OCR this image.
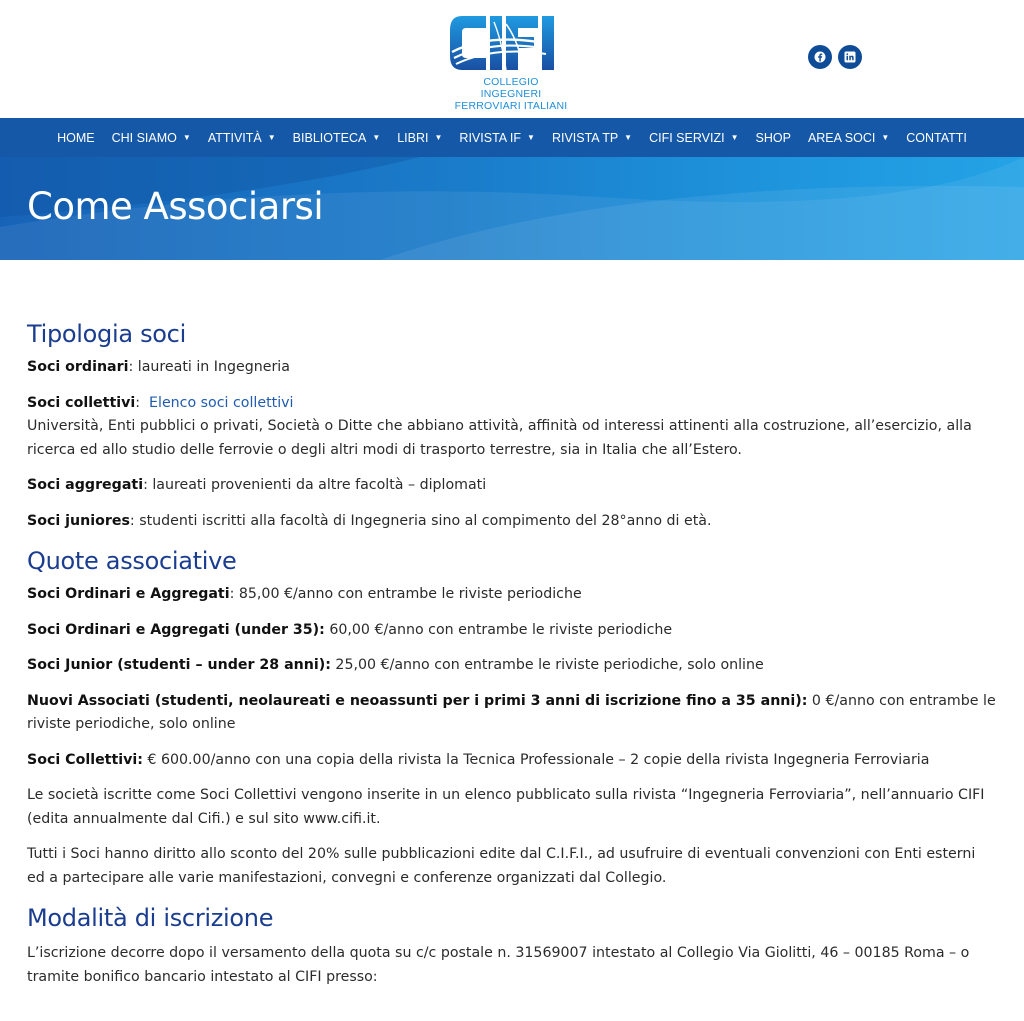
COLLEGIO INGEGNERI
FERROVIARI ITALIANI
HOME CHI SIAMO ▼ ATTIVITÀ ▼ BIBLIOTECA ▼ LIBRI ▼ RIVISTA IF ▼ RIVISTA TP ▼ CIFI SERVIZI ▼ SHOP AREA SOCI ▼ CONTATTI
Come Associarsi
Tipologia soci

Soci ordinari: laureati in Ingegneria

Soci collettivi: Elenco soci collettivi

Università, Enti pubblici o privati, Società o Ditte che abbiano attività, affinità od interessi attinenti alla costruzione, all’esercizio, alla ricerca ed allo studio delle ferrovie o degli altri modi di trasporto terrestre, sia in Italia che all’Estero.

Soci aggregati: laureati provenienti da altre facoltà – diplomati

Soci juniores: studenti iscritti alla facoltà di Ingegneria sino al compimento del 28°anno di età.

Quote associative

Soci Ordinari e Aggregati: 85,00 €/anno con entrambe le riviste periodiche

Soci Ordinari e Aggregati (under 35): 60,00 €/anno con entrambe le riviste periodiche

Soci Junior (studenti – under 28 anni): 25,00 €/anno con entrambe le riviste periodiche, solo online

Nuovi Associati (studenti, neolaureati e neoassunti per i primi 3 anni di iscrizione fino a 35 anni): 0 €/anno con entrambe le riviste periodiche, solo online

Soci Collettivi: € 600.00/anno con una copia della rivista la Tecnica Professionale – 2 copie della rivista Ingegneria Ferroviaria

Le società iscritte come Soci Collettivi vengono inserite in un elenco pubblicato sulla rivista “Ingegneria Ferroviaria”, nell’annuario CIFI (edita annualmente dal Cifi.) e sul sito www.cifi.it.

Tutti i Soci hanno diritto allo sconto del 20% sulle pubblicazioni edite dal C.I.F.I., ad usufruire di eventuali convenzioni con Enti esterni ed a partecipare alle varie manifestazioni, convegni e conferenze organizzati dal Collegio.

Modalità di iscrizione

L’iscrizione decorre dopo il versamento della quota su c/c postale n. 31569007 intestato al Collegio Via Giolitti, 46 – 00185 Roma – o tramite bonifico bancario intestato al CIFI presso:
